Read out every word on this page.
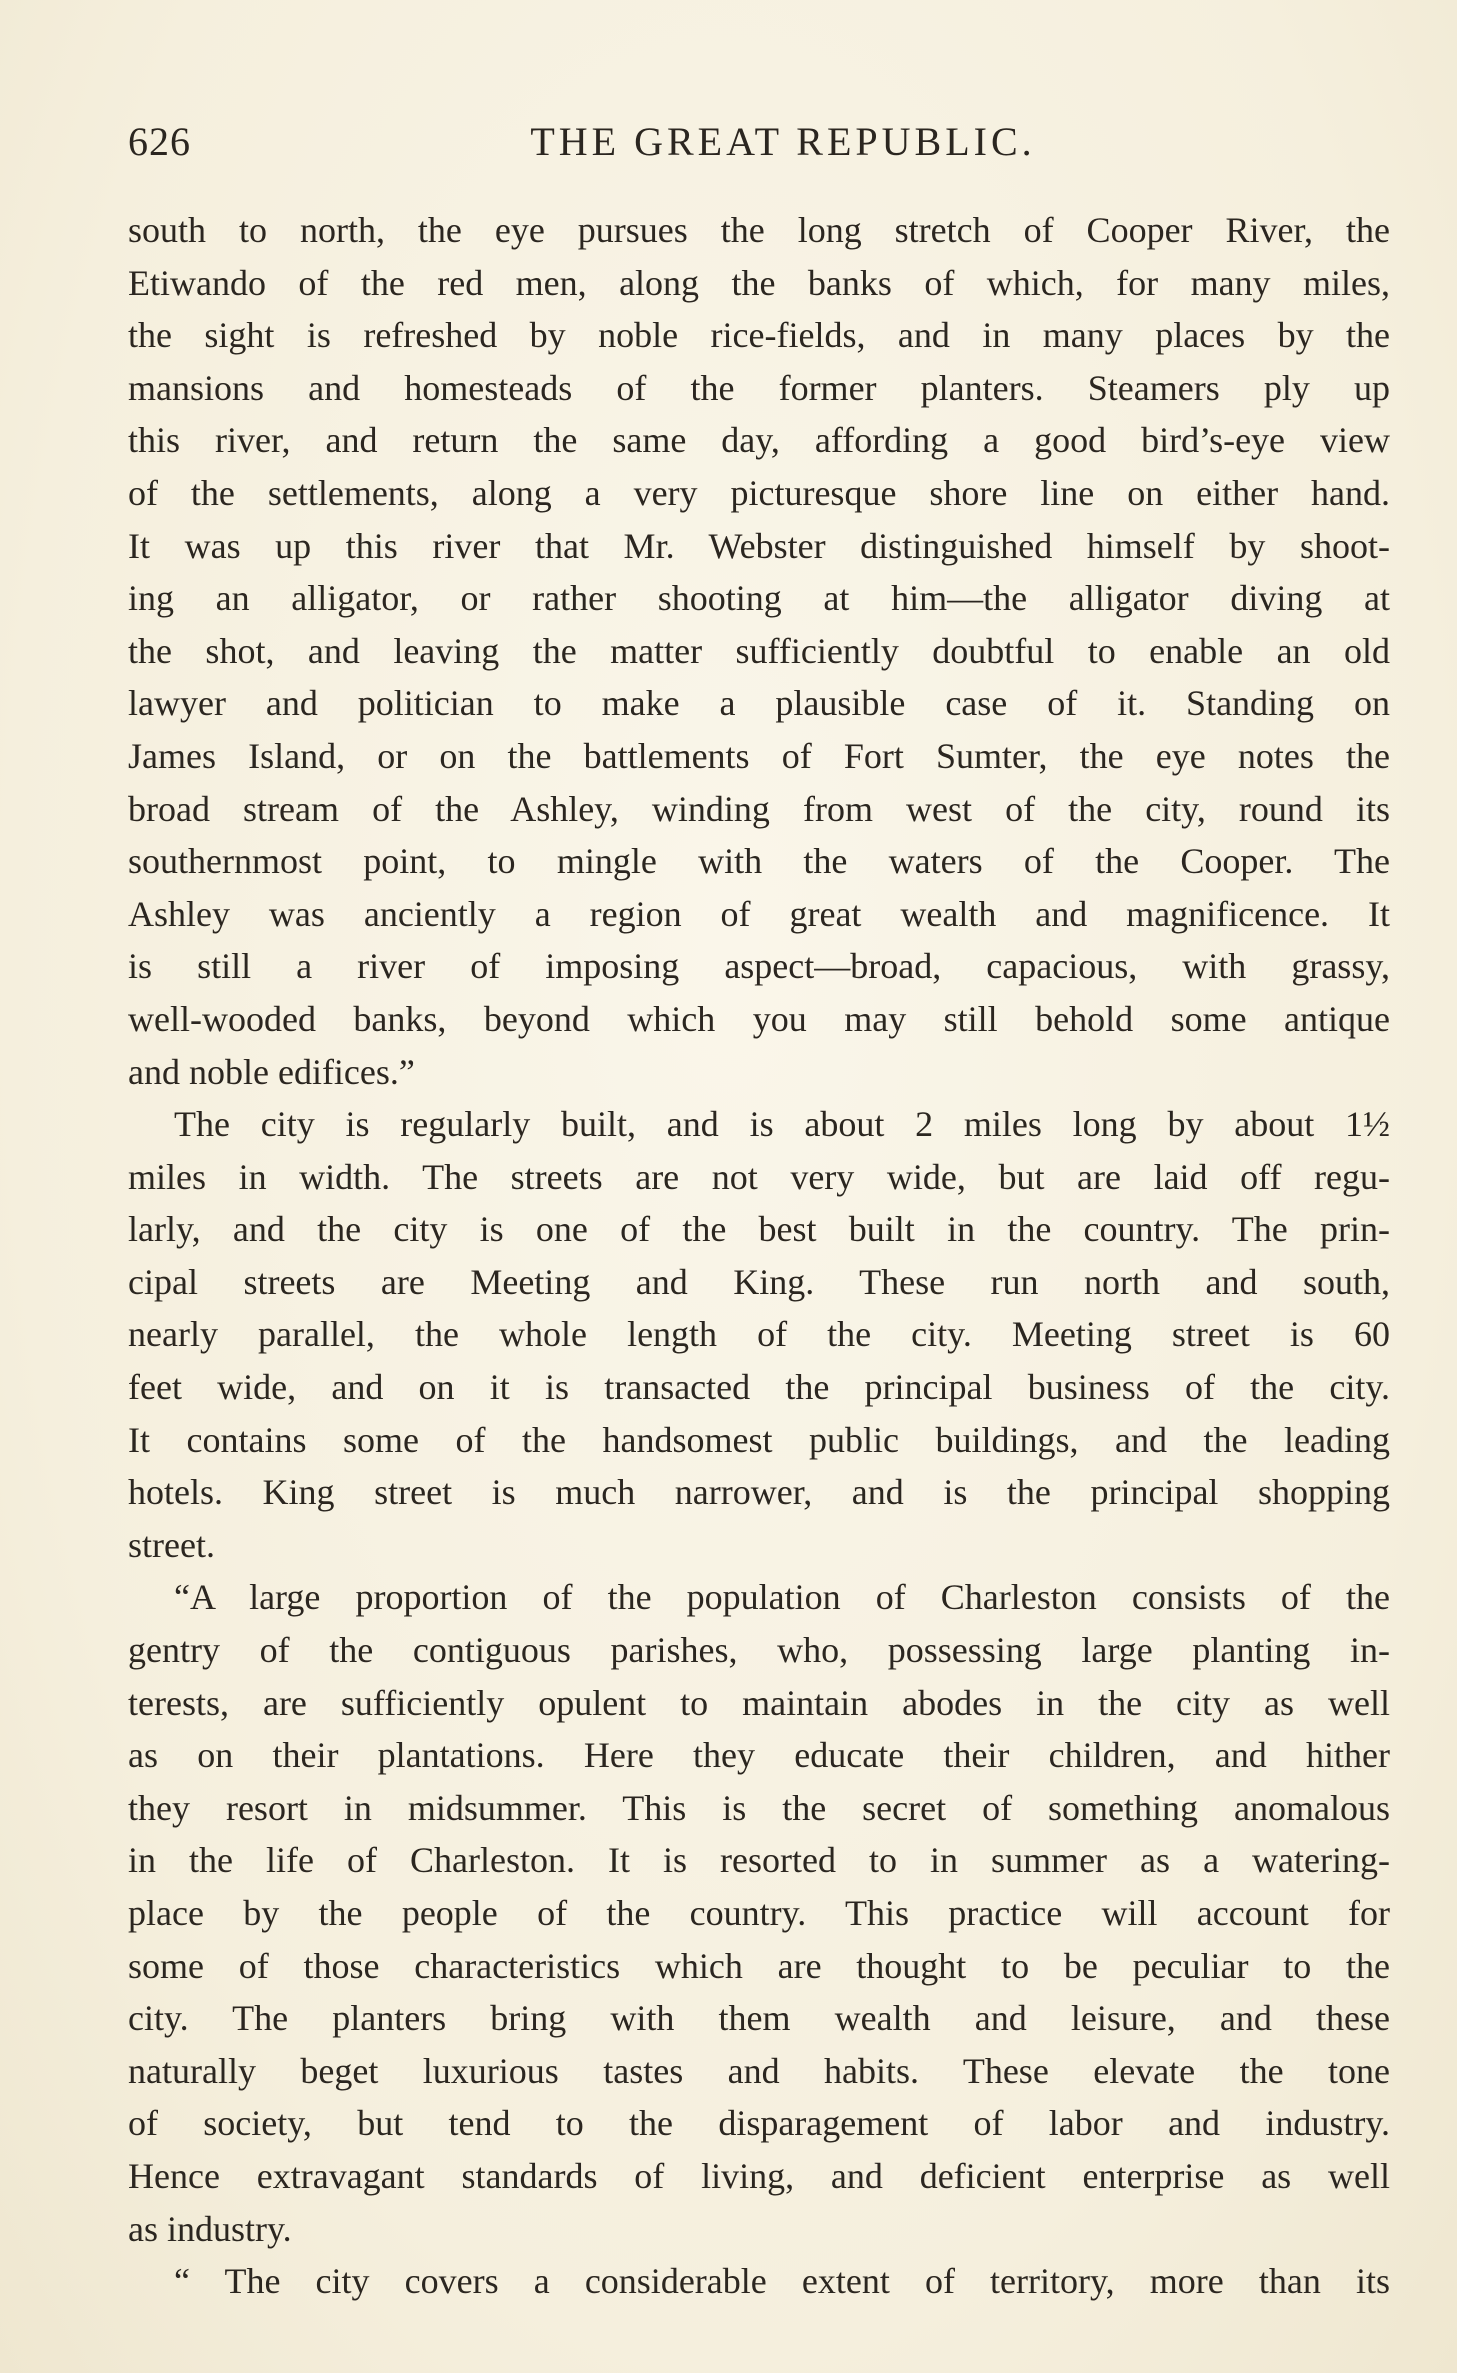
626	THE GREAT REPUBLIC.
south to north, the eye pursues the long stretch of Cooper River, the
Etiwando of the red men, along the banks of which, for many miles,
the sight is refreshed by noble rice-fields, and in many places by the
mansions and homesteads of the former planters. Steamers ply up
this river, and return the same day, affording a good bird’s-eye view
of the settlements, along a very picturesque shore line on either hand.
It was up this river that Mr. Webster distinguished himself by shoot-
ing an alligator, or rather shooting at him—the alligator diving at
the shot, and leaving the matter sufficiently doubtful to enable an old
lawyer and politician to make a plausible case of it. Standing on
James Island, or on the battlements of Fort Sumter, the eye notes the
broad stream of the Ashley, winding from west of the city, round its
southernmost point, to mingle with the waters of the Cooper. The
Ashley was anciently a region of great wealth and magnificence. It
is still a river of imposing aspect—broad, capacious, with grassy,
well-wooded banks, beyond which you may still behold some antique
and noble edifices.”
The city is regularly built, and is about 2 miles long by about 1½
miles in width. The streets are not very wide, but are laid off regu-
larly, and the city is one of the best built in the country. The prin-
cipal streets are Meeting and King. These run north and south,
nearly parallel, the whole length of the city. Meeting street is 60
feet wide, and on it is transacted the principal business of the city.
It contains some of the handsomest public buildings, and the leading
hotels. King street is much narrower, and is the principal shopping
street.
“A large proportion of the population of Charleston consists of the
gentry of the contiguous parishes, who, possessing large planting in-
terests, are sufficiently opulent to maintain abodes in the city as well
as on their plantations. Here they educate their children, and hither
they resort in midsummer. This is the secret of something anomalous
in the life of Charleston. It is resorted to in summer as a watering-
place by the people of the country. This practice will account for
some of those characteristics which are thought to be peculiar to the
city. The planters bring with them wealth and leisure, and these
naturally beget luxurious tastes and habits. These elevate the tone
of society, but tend to the disparagement of labor and industry.
Hence extravagant standards of living, and deficient enterprise as well
as industry.
“ The city covers a considerable extent of territory, more than its
